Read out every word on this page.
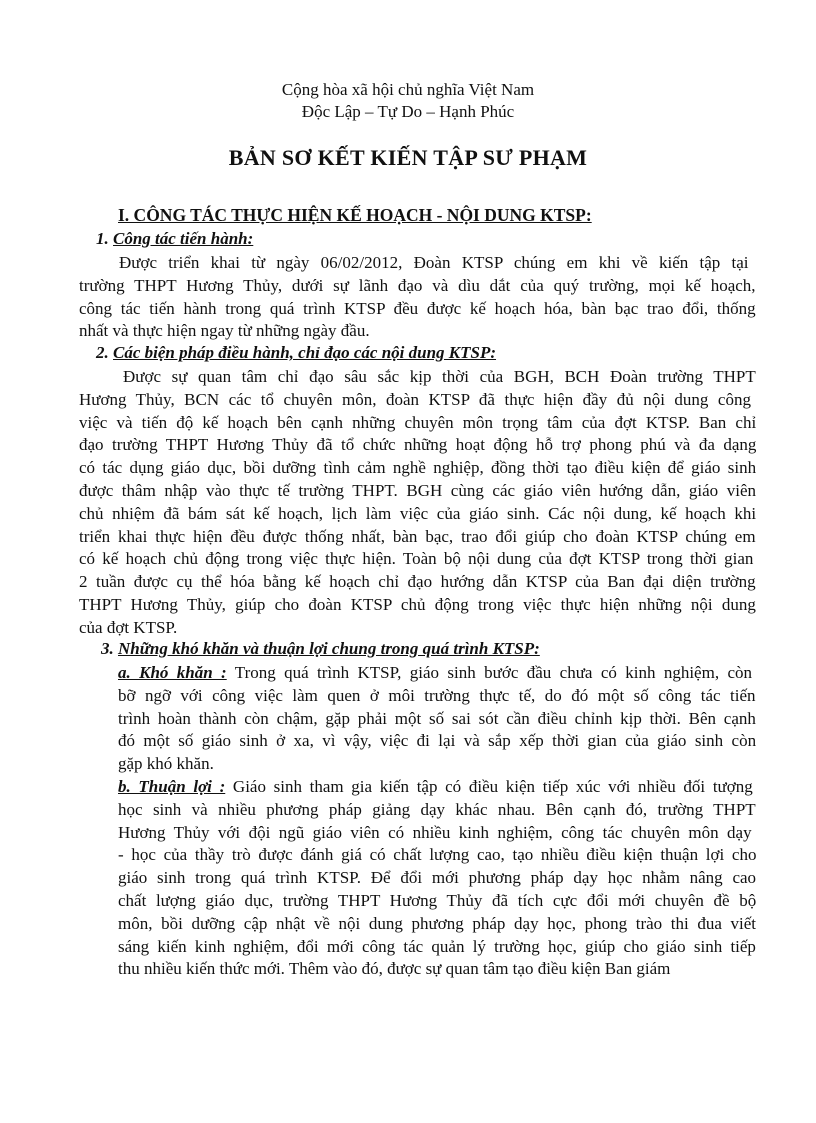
Cộng hòa xã hội chủ nghĩa Việt Nam
Độc Lập – Tự Do – Hạnh Phúc
BẢN SƠ KẾT KIẾN TẬP SƯ PHẠM
I. CÔNG TÁC THỰC HIỆN KẾ HOẠCH - NỘI DUNG KTSP:
1. Công tác tiến hành:
Được triển khai từ ngày 06/02/2012, Đoàn KTSP chúng em khi về kiến tập tại
trường THPT Hương Thủy, dưới sự lãnh đạo và dìu dắt của quý trường, mọi kế hoạch,
công tác tiến hành trong quá trình KTSP đều được kế hoạch hóa, bàn bạc trao đổi, thống
nhất và thực hiện ngay từ những ngày đầu.
2. Các biện pháp điều hành, chỉ đạo các nội dung KTSP:
Được sự quan tâm chỉ đạo sâu sắc kịp thời của BGH, BCH Đoàn trường THPT
Hương Thủy, BCN các tổ chuyên môn, đoàn KTSP đã thực hiện đầy đủ nội dung công
việc và tiến độ kế hoạch bên cạnh những chuyên môn trọng tâm của đợt KTSP. Ban chỉ
đạo trường THPT Hương Thủy đã tổ chức những hoạt động hỗ trợ phong phú và đa dạng
có tác dụng giáo dục, bồi dưỡng tình cảm nghề nghiệp, đồng thời tạo điều kiện để giáo sinh
được thâm nhập vào thực tế trường THPT. BGH cùng các giáo viên hướng dẫn, giáo viên
chủ nhiệm đã bám sát kế hoạch, lịch làm việc của giáo sinh. Các nội dung, kế hoạch khi
triển khai thực hiện đều được thống nhất, bàn bạc, trao đổi giúp cho đoàn KTSP chúng em
có kế hoạch chủ động trong việc thực hiện. Toàn bộ nội dung của đợt KTSP trong thời gian
2 tuần được cụ thể hóa bằng kế hoạch chỉ đạo hướng dẫn KTSP của Ban đại diện trường
THPT Hương Thủy, giúp cho đoàn KTSP chủ động trong việc thực hiện những nội dung
của đợt KTSP.
3. Những khó khăn và thuận lợi chung trong quá trình KTSP:
a. Khó khăn : Trong quá trình KTSP, giáo sinh bước đầu chưa có kinh nghiệm, còn
bỡ ngỡ với công việc làm quen ở môi trường thực tế, do đó một số công tác tiến
trình hoàn thành còn chậm, gặp phải một số sai sót cần điều chỉnh kịp thời. Bên cạnh
đó một số giáo sinh ở xa, vì vậy, việc đi lại và sắp xếp thời gian của giáo sinh còn
gặp khó khăn.
b. Thuận lợi : Giáo sinh tham gia kiến tập có điều kiện tiếp xúc với nhiều đối tượng
học sinh và nhiều phương pháp giảng dạy khác nhau. Bên cạnh đó, trường THPT
Hương Thủy với đội ngũ giáo viên có nhiều kinh nghiệm, công tác chuyên môn dạy
- học của thầy trò được đánh giá có chất lượng cao, tạo nhiều điều kiện thuận lợi cho
giáo sinh trong quá trình KTSP. Để đổi mới phương pháp dạy học nhằm nâng cao
chất lượng giáo dục, trường THPT Hương Thủy đã tích cực đổi mới chuyên đề bộ
môn, bồi dưỡng cập nhật về nội dung phương pháp dạy học, phong trào thi đua viết
sáng kiến kinh nghiệm, đổi mới công tác quản lý trường học, giúp cho giáo sinh tiếp
thu nhiều kiến thức mới. Thêm vào đó, được sự quan tâm tạo điều kiện Ban giám
